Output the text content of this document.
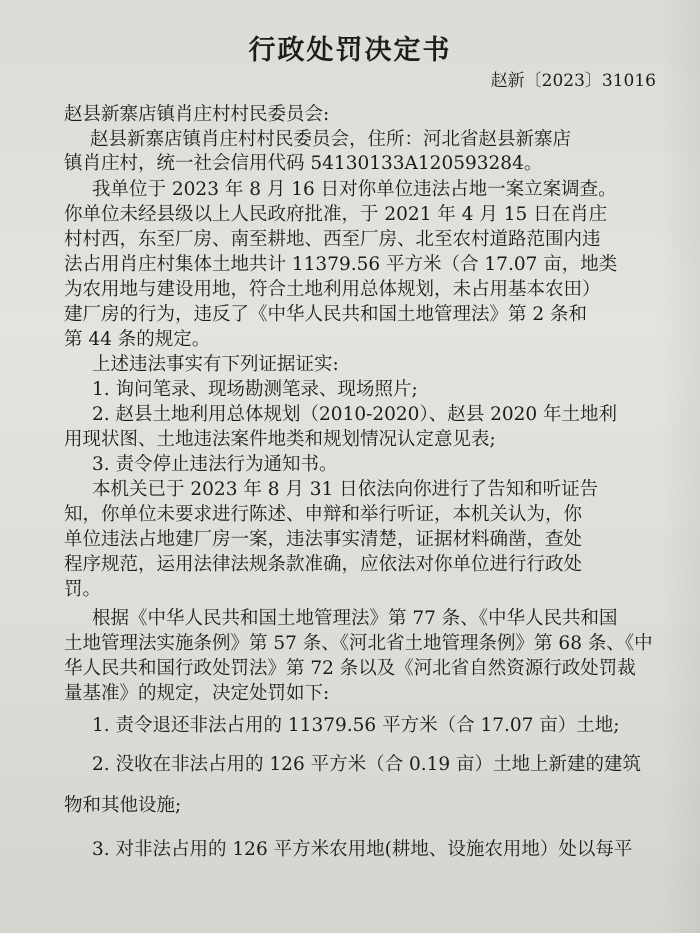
行政处罚决定书
赵新〔2023〕31016
赵县新寨店镇肖庄村村民委员会:
赵县新寨店镇肖庄村村民委员会，住所：河北省赵县新寨店
镇肖庄村，统一社会信用代码 54130133A120593284。
我单位于 2023 年 8 月 16 日对你单位违法占地一案立案调查。
你单位未经县级以上人民政府批准，于 2021 年 4 月 15 日在肖庄
村村西，东至厂房、南至耕地、西至厂房、北至农村道路范围内违
法占用肖庄村集体土地共计 11379.56 平方米（合 17.07 亩，地类
为农用地与建设用地，符合土地利用总体规划，未占用基本农田）
建厂房的行为，违反了《中华人民共和国土地管理法》第 2 条和
第 44 条的规定。
上述违法事实有下列证据证实:
1. 询问笔录、现场勘测笔录、现场照片;
2. 赵县土地利用总体规划（2010-2020）、赵县 2020 年土地利
用现状图、土地违法案件地类和规划情况认定意见表;
3. 责令停止违法行为通知书。
本机关已于 2023 年 8 月 31 日依法向你进行了告知和听证告
知，你单位未要求进行陈述、申辩和举行听证，本机关认为，你
单位违法占地建厂房一案，违法事实清楚，证据材料确凿，查处
程序规范，运用法律法规条款准确，应依法对你单位进行行政处
罚。
根据《中华人民共和国土地管理法》第 77 条、《中华人民共和国
土地管理法实施条例》第 57 条、《河北省土地管理条例》第 68 条、《中
华人民共和国行政处罚法》第 72 条以及《河北省自然资源行政处罚裁
量基准》的规定，决定处罚如下:
1. 责令退还非法占用的 11379.56 平方米（合 17.07 亩）土地;
2. 没收在非法占用的 126 平方米（合 0.19 亩）土地上新建的建筑
物和其他设施;
3. 对非法占用的 126 平方米农用地(耕地、设施农用地）处以每平
